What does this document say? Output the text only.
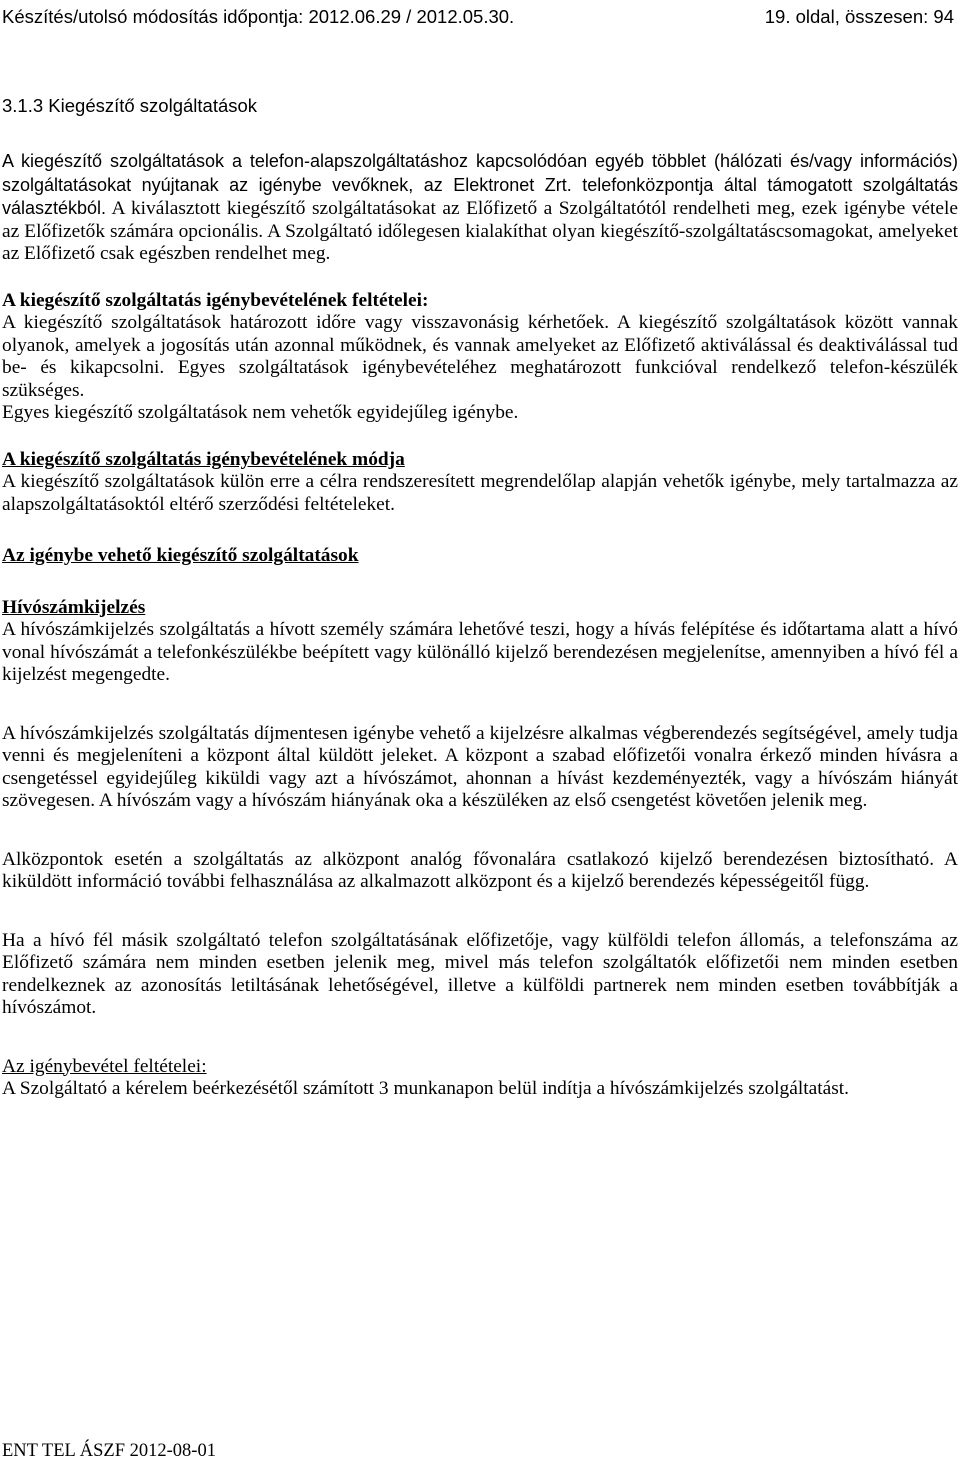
Készítés/utolsó módosítás időpontja: 2012.06.29 / 2012.05.30.	19. oldal, összesen: 94
3.1.3 Kiegészítő szolgáltatások

A kiegészítő szolgáltatások a telefon-alapszolgáltatáshoz kapcsolódóan egyéb többlet (hálózati és/vagy információs) szolgáltatásokat nyújtanak az igénybe vevőknek, az Elektronet Zrt. telefonközpontja által támogatott szolgáltatás választékból. A kiválasztott kiegészítő szolgáltatásokat az Előfizető a Szolgáltatótól rendelheti meg, ezek igénybe vétele az Előfizetők számára opcionális. A Szolgáltató időlegesen kialakíthat olyan kiegészítő-szolgáltatáscsomagokat, amelyeket az Előfizető csak egészben rendelhet meg.

A kiegészítő szolgáltatás igénybevételének feltételei:

A kiegészítő szolgáltatások határozott időre vagy visszavonásig kérhetőek. A kiegészítő szolgáltatások között vannak olyanok, amelyek a jogosítás után azonnal működnek, és vannak amelyeket az Előfizető aktiválással és deaktiválással tud be- és kikapcsolni. Egyes szolgáltatások igénybevételéhez meghatározott funkcióval rendelkező telefon-készülék szükséges.

Egyes kiegészítő szolgáltatások nem vehetők egyidejűleg igénybe.

A kiegészítő szolgáltatás igénybevételének módja

A kiegészítő szolgáltatások külön erre a célra rendszeresített megrendelőlap alapján vehetők igénybe, mely tartalmazza az alapszolgáltatásoktól eltérő szerződési feltételeket.

Az igénybe vehető kiegészítő szolgáltatások

Hívószámkijelzés

A hívószámkijelzés szolgáltatás a hívott személy számára lehetővé teszi, hogy a hívás felépítése és időtartama alatt a hívó vonal hívószámát a telefonkészülékbe beépített vagy különálló kijelző berendezésen megjelenítse, amennyiben a hívó fél a kijelzést megengedte.

A hívószámkijelzés szolgáltatás díjmentesen igénybe vehető a kijelzésre alkalmas végberendezés segítségével, amely tudja venni és megjeleníteni a központ által küldött jeleket. A központ a szabad előfizetői vonalra érkező minden hívásra a csengetéssel egyidejűleg kiküldi vagy azt a hívószámot, ahonnan a hívást kezdeményezték, vagy a hívószám hiányát szövegesen. A hívószám vagy a hívószám hiányának oka a készüléken az első csengetést követően jelenik meg.

Alközpontok esetén a szolgáltatás az alközpont analóg fővonalára csatlakozó kijelző berendezésen biztosítható. A kiküldött információ további felhasználása az alkalmazott alközpont és a kijelző berendezés képességeitől függ.

Ha a hívó fél másik szolgáltató telefon szolgáltatásának előfizetője, vagy külföldi telefon állomás, a telefonszáma az Előfizető számára nem minden esetben jelenik meg, mivel más telefon szolgáltatók előfizetői nem minden esetben rendelkeznek az azonosítás letiltásának lehetőségével, illetve a külföldi partnerek nem minden esetben továbbítják a hívószámot.

Az igénybevétel feltételei:

A Szolgáltató a kérelem beérkezésétől számított 3 munkanapon belül indítja a hívószámkijelzés szolgáltatást.

ENT TEL ÁSZF 2012-08-01
